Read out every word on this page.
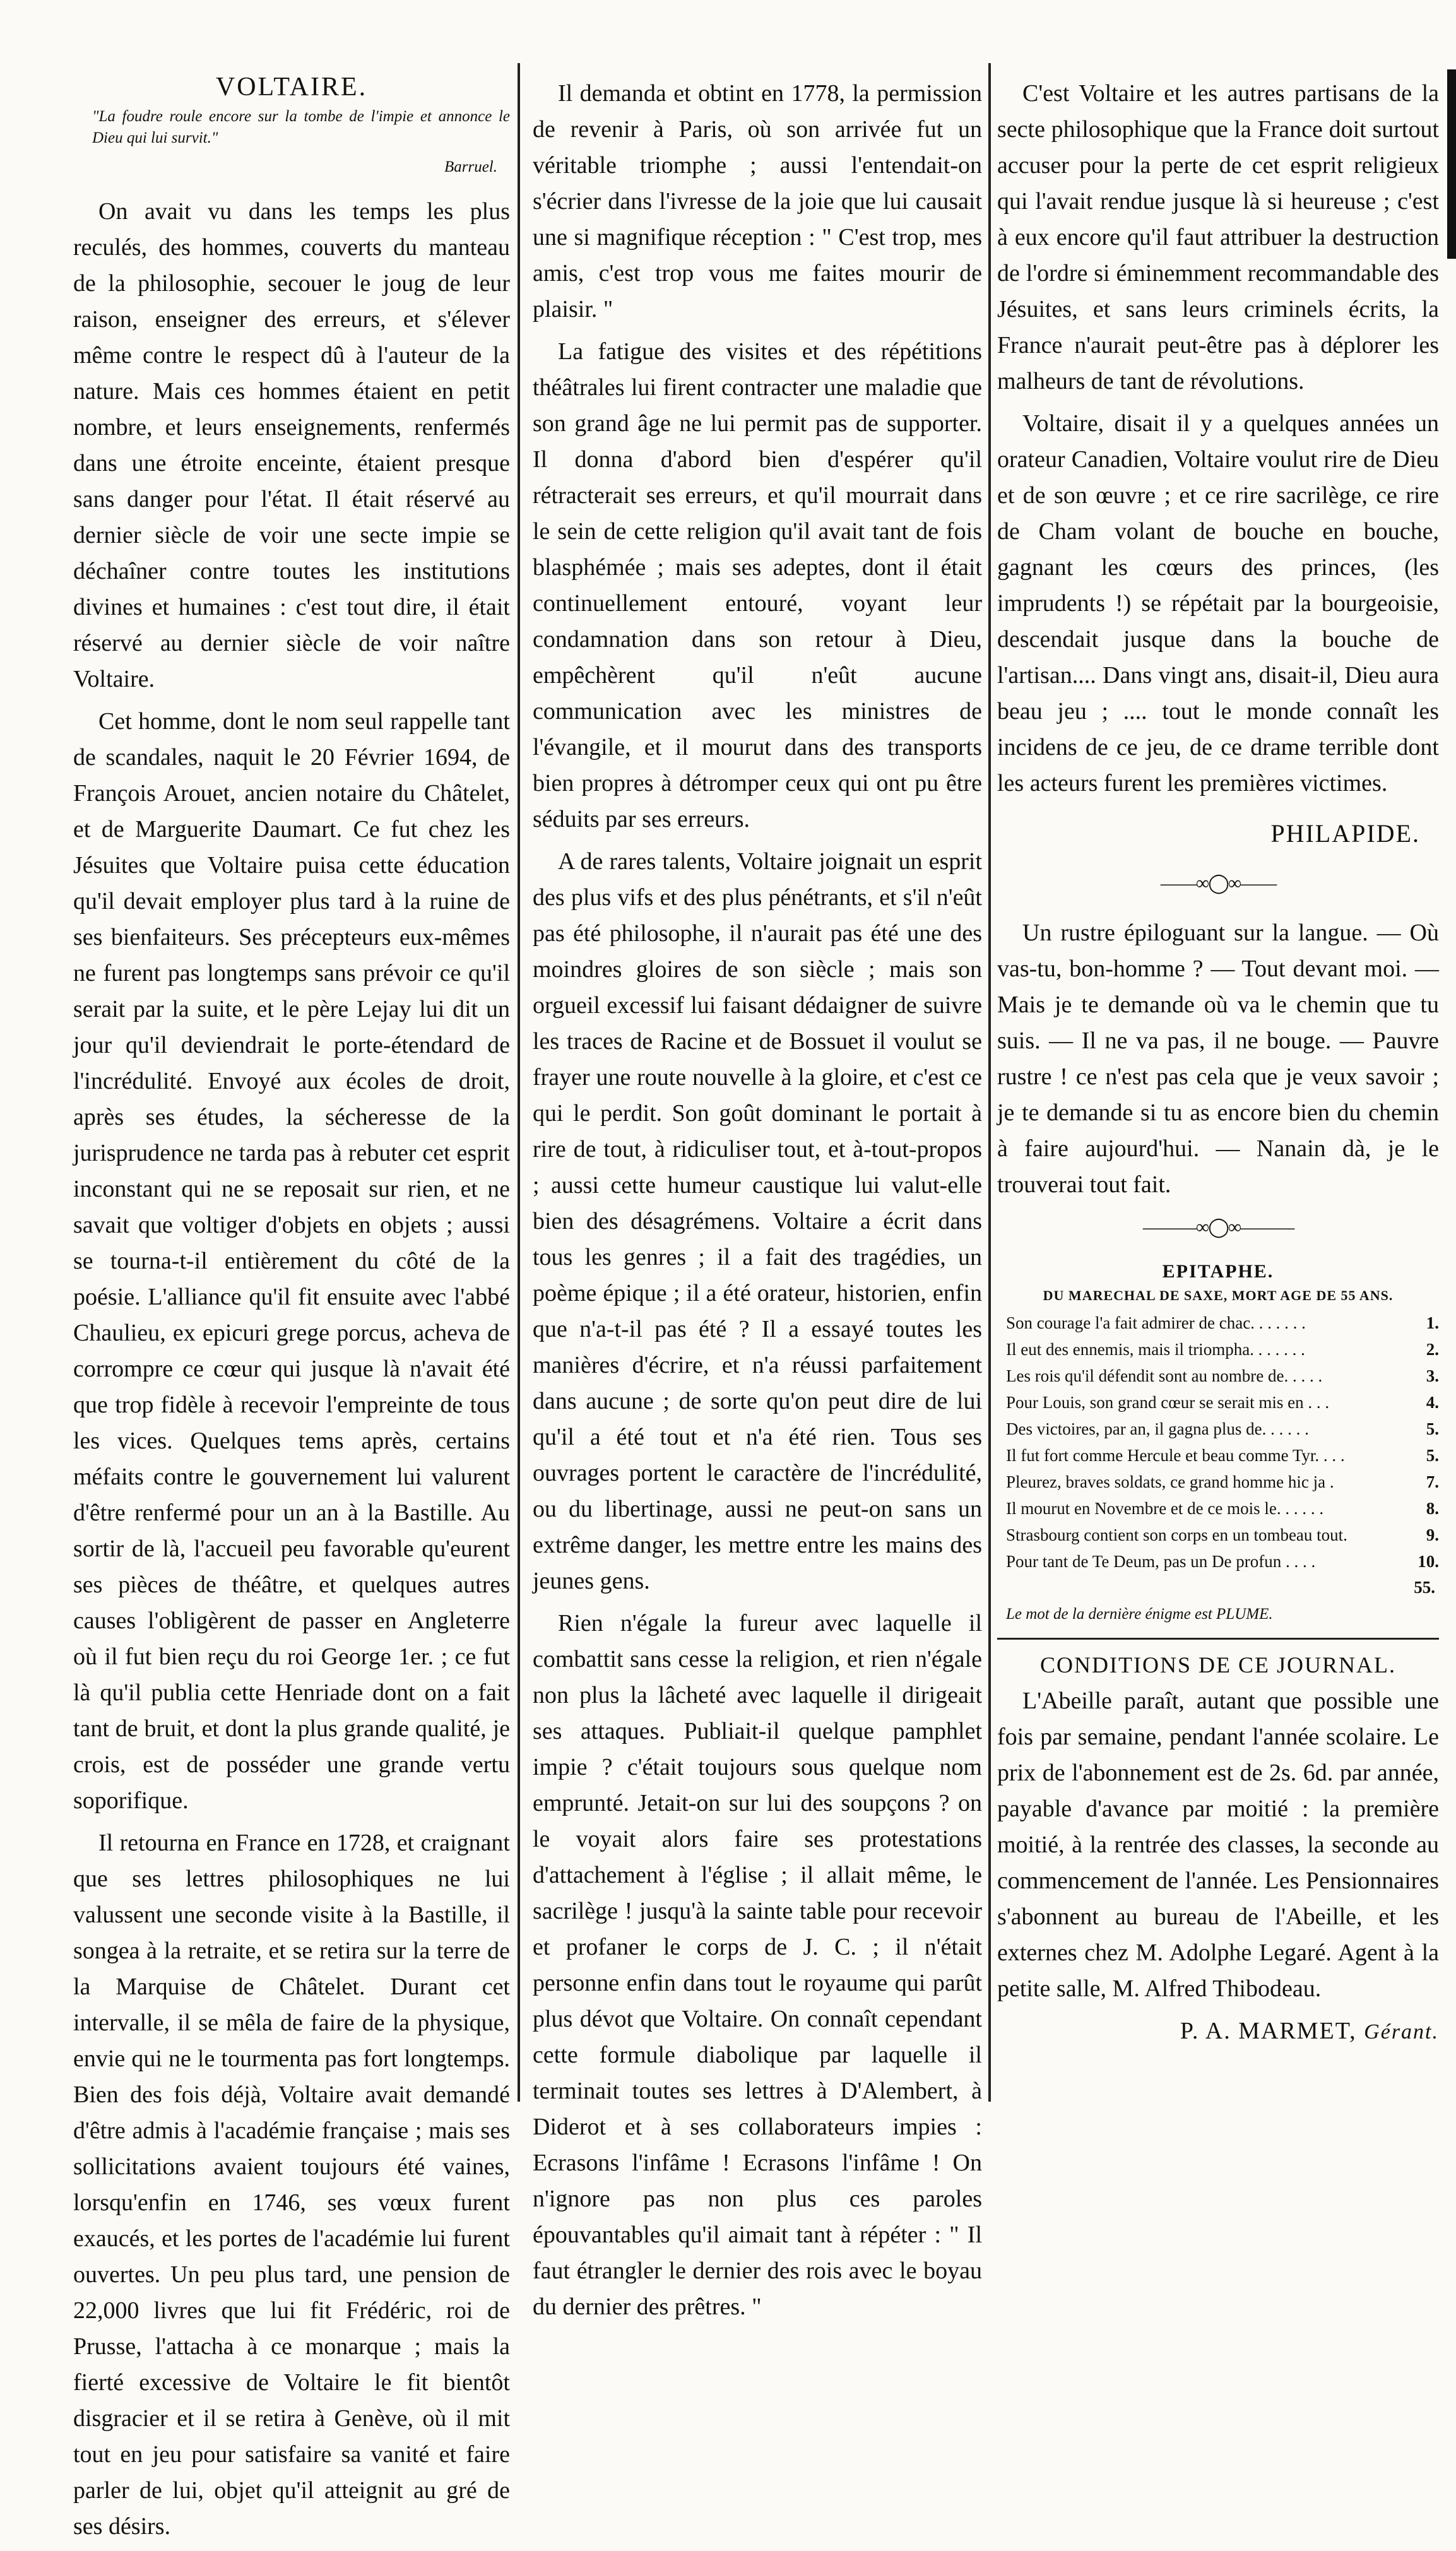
VOLTAIRE.
"La foudre roule encore sur la tombe de l'impie et annonce le Dieu qui lui survit."
Barruel.

On avait vu dans les temps les plus reculés, des hommes, couverts du manteau de la philosophie, secouer le joug de leur raison, enseigner des erreurs, et s'élever même contre le respect dû à l'auteur de la nature. Mais ces hommes étaient en petit nombre, et leurs enseignements, renfermés dans une étroite enceinte, étaient presque sans danger pour l'état. Il était réservé au dernier siècle de voir une secte impie se déchaîner contre toutes les institutions divines et humaines : c'est tout dire, il était réservé au dernier siècle de voir naître Voltaire.

Cet homme, dont le nom seul rappelle tant de scandales, naquit le 20 Février 1694, de François Arouet, ancien notaire du Châtelet, et de Marguerite Daumart. Ce fut chez les Jésuites que Voltaire puisa cette éducation qu'il devait employer plus tard à la ruine de ses bienfaiteurs. Ses précepteurs eux-mêmes ne furent pas longtemps sans prévoir ce qu'il serait par la suite, et le père Lejay lui dit un jour qu'il deviendrait le porte-étendard de l'incrédulité. Envoyé aux écoles de droit, après ses études, la sécheresse de la jurisprudence ne tarda pas à rebuter cet esprit inconstant qui ne se reposait sur rien, et ne savait que voltiger d'objets en objets ; aussi se tourna-t-il entièrement du côté de la poésie. L'alliance qu'il fit ensuite avec l'abbé Chaulieu, ex epicuri grege porcus, acheva de corrompre ce cœur qui jusque là n'avait été que trop fidèle à recevoir l'empreinte de tous les vices. Quelques tems après, certains méfaits contre le gouvernement lui valurent d'être renfermé pour un an à la Bastille. Au sortir de là, l'accueil peu favorable qu'eurent ses pièces de théâtre, et quelques autres causes l'obligèrent de passer en Angleterre où il fut bien reçu du roi George 1er. ; ce fut là qu'il publia cette Henriade dont on a fait tant de bruit, et dont la plus grande qualité, je crois, est de posséder une grande vertu soporifique.

Il retourna en France en 1728, et craignant que ses lettres philosophiques ne lui valussent une seconde visite à la Bastille, il songea à la retraite, et se retira sur la terre de la Marquise de Châtelet. Durant cet intervalle, il se mêla de faire de la physique, envie qui ne le tourmenta pas fort longtemps. Bien des fois déjà, Voltaire avait demandé d'être admis à l'académie française ; mais ses sollicitations avaient toujours été vaines, lorsqu'enfin en 1746, ses vœux furent exaucés, et les portes de l'académie lui furent ouvertes. Un peu plus tard, une pension de 22,000 livres que lui fit Frédéric, roi de Prusse, l'attacha à ce monarque ; mais la fierté excessive de Voltaire le fit bientôt disgracier et il se retira à Genève, où il mit tout en jeu pour satisfaire sa vanité et faire parler de lui, objet qu'il atteignit au gré de ses désirs.

Il demanda et obtint en 1778, la permission de revenir à Paris, où son arrivée fut un véritable triomphe ; aussi l'entendait-on s'écrier dans l'ivresse de la joie que lui causait une si magnifique réception : " C'est trop, mes amis, c'est trop vous me faites mourir de plaisir. "

La fatigue des visites et des répétitions théâtrales lui firent contracter une maladie que son grand âge ne lui permit pas de supporter. Il donna d'abord bien d'espérer qu'il rétracterait ses erreurs, et qu'il mourrait dans le sein de cette religion qu'il avait tant de fois blasphémée ; mais ses adeptes, dont il était continuellement entouré, voyant leur condamnation dans son retour à Dieu, empêchèrent qu'il n'eût aucune communication avec les ministres de l'évangile, et il mourut dans des transports bien propres à détromper ceux qui ont pu être séduits par ses erreurs.

A de rares talents, Voltaire joignait un esprit des plus vifs et des plus pénétrants, et s'il n'eût pas été philosophe, il n'aurait pas été une des moindres gloires de son siècle ; mais son orgueil excessif lui faisant dédaigner de suivre les traces de Racine et de Bossuet il voulut se frayer une route nouvelle à la gloire, et c'est ce qui le perdit. Son goût dominant le portait à rire de tout, à ridiculiser tout, et à-tout-propos ; aussi cette humeur caustique lui valut-elle bien des désagrémens. Voltaire a écrit dans tous les genres ; il a fait des tragédies, un poème épique ; il a été orateur, historien, enfin que n'a-t-il pas été ? Il a essayé toutes les manières d'écrire, et n'a réussi parfaitement dans aucune ; de sorte qu'on peut dire de lui qu'il a été tout et n'a été rien. Tous ses ouvrages portent le caractère de l'incrédulité, ou du libertinage, aussi ne peut-on sans un extrême danger, les mettre entre les mains des jeunes gens.

Rien n'égale la fureur avec laquelle il combattit sans cesse la religion, et rien n'égale non plus la lâcheté avec laquelle il dirigeait ses attaques. Publiait-il quelque pamphlet impie ? c'était toujours sous quelque nom emprunté. Jetait-on sur lui des soupçons ? on le voyait alors faire ses protestations d'attachement à l'église ; il allait même, le sacrilège ! jusqu'à la sainte table pour recevoir et profaner le corps de J. C. ; il n'était personne enfin dans tout le royaume qui parût plus dévot que Voltaire. On connaît cependant cette formule diabolique par laquelle il terminait toutes ses lettres à D'Alembert, à Diderot et à ses collaborateurs impies : Ecrasons l'infâme ! Ecrasons l'infâme ! On n'ignore pas non plus ces paroles épouvantables qu'il aimait tant à répéter : " Il faut étrangler le dernier des rois avec le boyau du dernier des prêtres. "

C'est Voltaire et les autres partisans de la secte philosophique que la France doit surtout accuser pour la perte de cet esprit religieux qui l'avait rendue jusque là si heureuse ; c'est à eux encore qu'il faut attribuer la destruction de l'ordre si éminemment recommandable des Jésuites, et sans leurs criminels écrits, la France n'aurait peut-être pas à déplorer les malheurs de tant de révolutions.

Voltaire, disait il y a quelques années un orateur Canadien, Voltaire voulut rire de Dieu et de son œuvre ; et ce rire sacrilège, ce rire de Cham volant de bouche en bouche, gagnant les cœurs des princes, (les imprudents !) se répétait par la bourgeoisie, descendait jusque dans la bouche de l'artisan.... Dans vingt ans, disait-il, Dieu aura beau jeu ; .... tout le monde connaît les incidens de ce jeu, de ce drame terrible dont les acteurs furent les premières victimes.

PHILAPIDE.
——∞◯∞——

Un rustre épiloguant sur la langue. — Où vas-tu, bon-homme ? — Tout devant moi. — Mais je te demande où va le chemin que tu suis. — Il ne va pas, il ne bouge. — Pauvre rustre ! ce n'est pas cela que je veux savoir ; je te demande si tu as encore bien du chemin à faire aujourd'hui. — Nanain dà, je le trouverai tout fait.

———∞◯∞———
EPITAPHE.
DU MARECHAL DE SAXE, MORT AGE DE 55 ANS.
Son courage l'a fait admirer de chac. . . . . . .	1.
Il eut des ennemis, mais il triompha. . . . . . .	2.
Les rois qu'il défendit sont au nombre de. . . . .	3.
Pour Louis, son grand cœur se serait mis en . . .	4.
Des victoires, par an, il gagna plus de. . . . . .	5.
Il fut fort comme Hercule et beau comme Tyr. . . .	5.
Pleurez, braves soldats, ce grand homme hic ja .	7.
Il mourut en Novembre et de ce mois le. . . . . .	8.
Strasbourg contient son corps en un tombeau tout.	9.
Pour tant de Te Deum, pas un De profun . . . .	10.
55.
Le mot de la dernière énigme est PLUME.
CONDITIONS DE CE JOURNAL.

L'Abeille paraît, autant que possible une fois par semaine, pendant l'année scolaire. Le prix de l'abonnement est de 2s. 6d. par année, payable d'avance par moitié : la première moitié, à la rentrée des classes, la seconde au commencement de l'année. Les Pensionnaires s'abonnent au bureau de l'Abeille, et les externes chez M. Adolphe Legaré. Agent à la petite salle, M. Alfred Thibodeau.

P. A. MARMET, Gérant.
